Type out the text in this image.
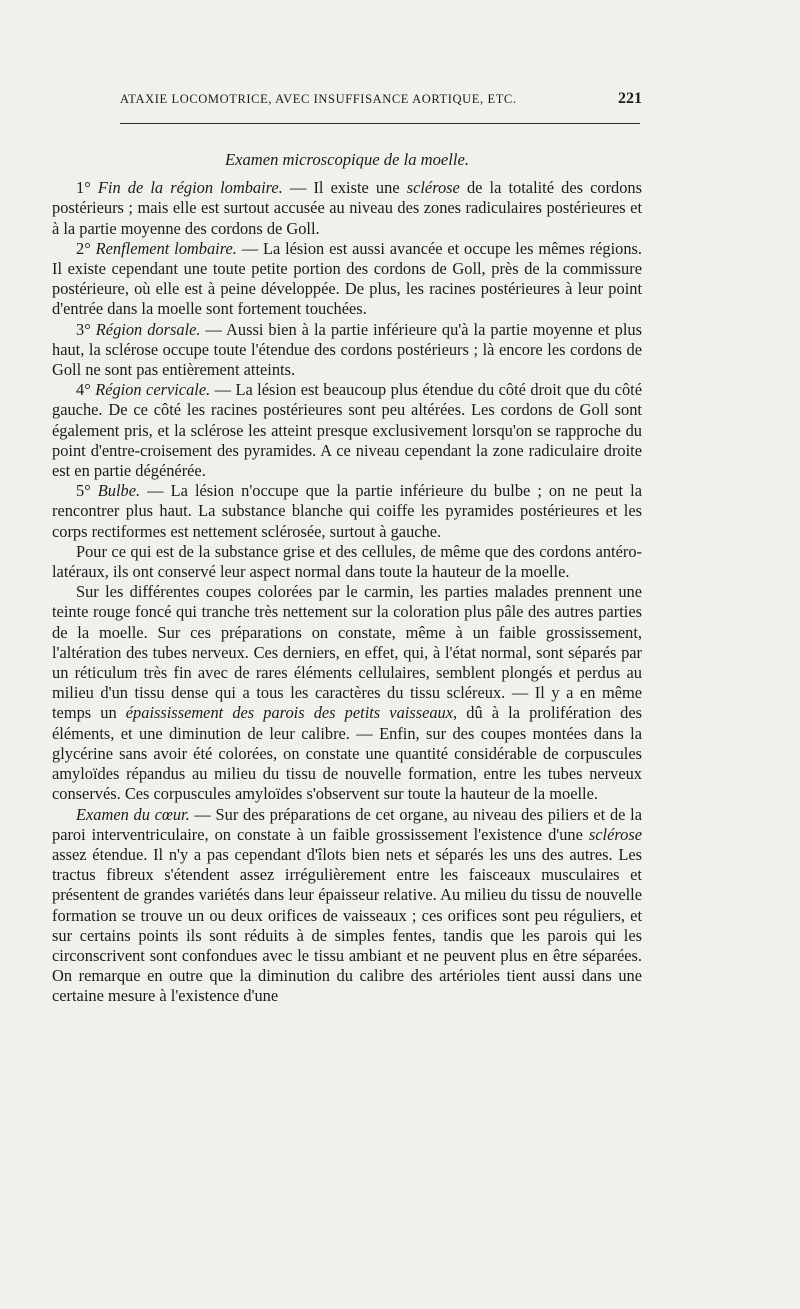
ATAXIE LOCOMOTRICE, AVEC INSUFFISANCE AORTIQUE, ETC.	221

Examen microscopique de la moelle.

1° Fin de la région lombaire. — Il existe une sclérose de la totalité des cordons postérieurs ; mais elle est surtout accusée au niveau des zones radiculaires postérieures et à la partie moyenne des cordons de Goll.

2° Renflement lombaire. — La lésion est aussi avancée et occupe les mêmes régions. Il existe cependant une toute petite portion des cordons de Goll, près de la commissure postérieure, où elle est à peine développée. De plus, les racines postérieures à leur point d'entrée dans la moelle sont fortement touchées.

3° Région dorsale. — Aussi bien à la partie inférieure qu'à la partie moyenne et plus haut, la sclérose occupe toute l'étendue des cordons postérieurs ; là encore les cordons de Goll ne sont pas entièrement atteints.

4° Région cervicale. — La lésion est beaucoup plus étendue du côté droit que du côté gauche. De ce côté les racines postérieures sont peu altérées. Les cordons de Goll sont également pris, et la sclérose les atteint presque exclusivement lorsqu'on se rapproche du point d'entre-croisement des pyramides. A ce niveau cependant la zone radiculaire droite est en partie dégénérée.

5° Bulbe. — La lésion n'occupe que la partie inférieure du bulbe ; on ne peut la rencontrer plus haut. La substance blanche qui coiffe les pyramides postérieures et les corps rectiformes est nettement sclérosée, surtout à gauche.

Pour ce qui est de la substance grise et des cellules, de même que des cordons antéro-latéraux, ils ont conservé leur aspect normal dans toute la hauteur de la moelle.

Sur les différentes coupes colorées par le carmin, les parties malades prennent une teinte rouge foncé qui tranche très nettement sur la coloration plus pâle des autres parties de la moelle. Sur ces préparations on constate, même à un faible grossissement, l'altération des tubes nerveux. Ces derniers, en effet, qui, à l'état normal, sont séparés par un réticulum très fin avec de rares éléments cellulaires, semblent plongés et perdus au milieu d'un tissu dense qui a tous les caractères du tissu scléreux. — Il y a en même temps un épaississement des parois des petits vaisseaux, dû à la prolifération des éléments, et une diminution de leur calibre. — Enfin, sur des coupes montées dans la glycérine sans avoir été colorées, on constate une quantité considérable de corpuscules amyloïdes répandus au milieu du tissu de nouvelle formation, entre les tubes nerveux conservés. Ces corpuscules amyloïdes s'observent sur toute la hauteur de la moelle.

Examen du cœur. — Sur des préparations de cet organe, au niveau des piliers et de la paroi interventriculaire, on constate à un faible grossissement l'existence d'une sclérose assez étendue. Il n'y a pas cependant d'îlots bien nets et séparés les uns des autres. Les tractus fibreux s'étendent assez irrégulièrement entre les faisceaux musculaires et présentent de grandes variétés dans leur épaisseur relative. Au milieu du tissu de nouvelle formation se trouve un ou deux orifices de vaisseaux ; ces orifices sont peu réguliers, et sur certains points ils sont réduits à de simples fentes, tandis que les parois qui les circonscrivent sont confondues avec le tissu ambiant et ne peuvent plus en être séparées. On remarque en outre que la diminution du calibre des artérioles tient aussi dans une certaine mesure à l'existence d'une
